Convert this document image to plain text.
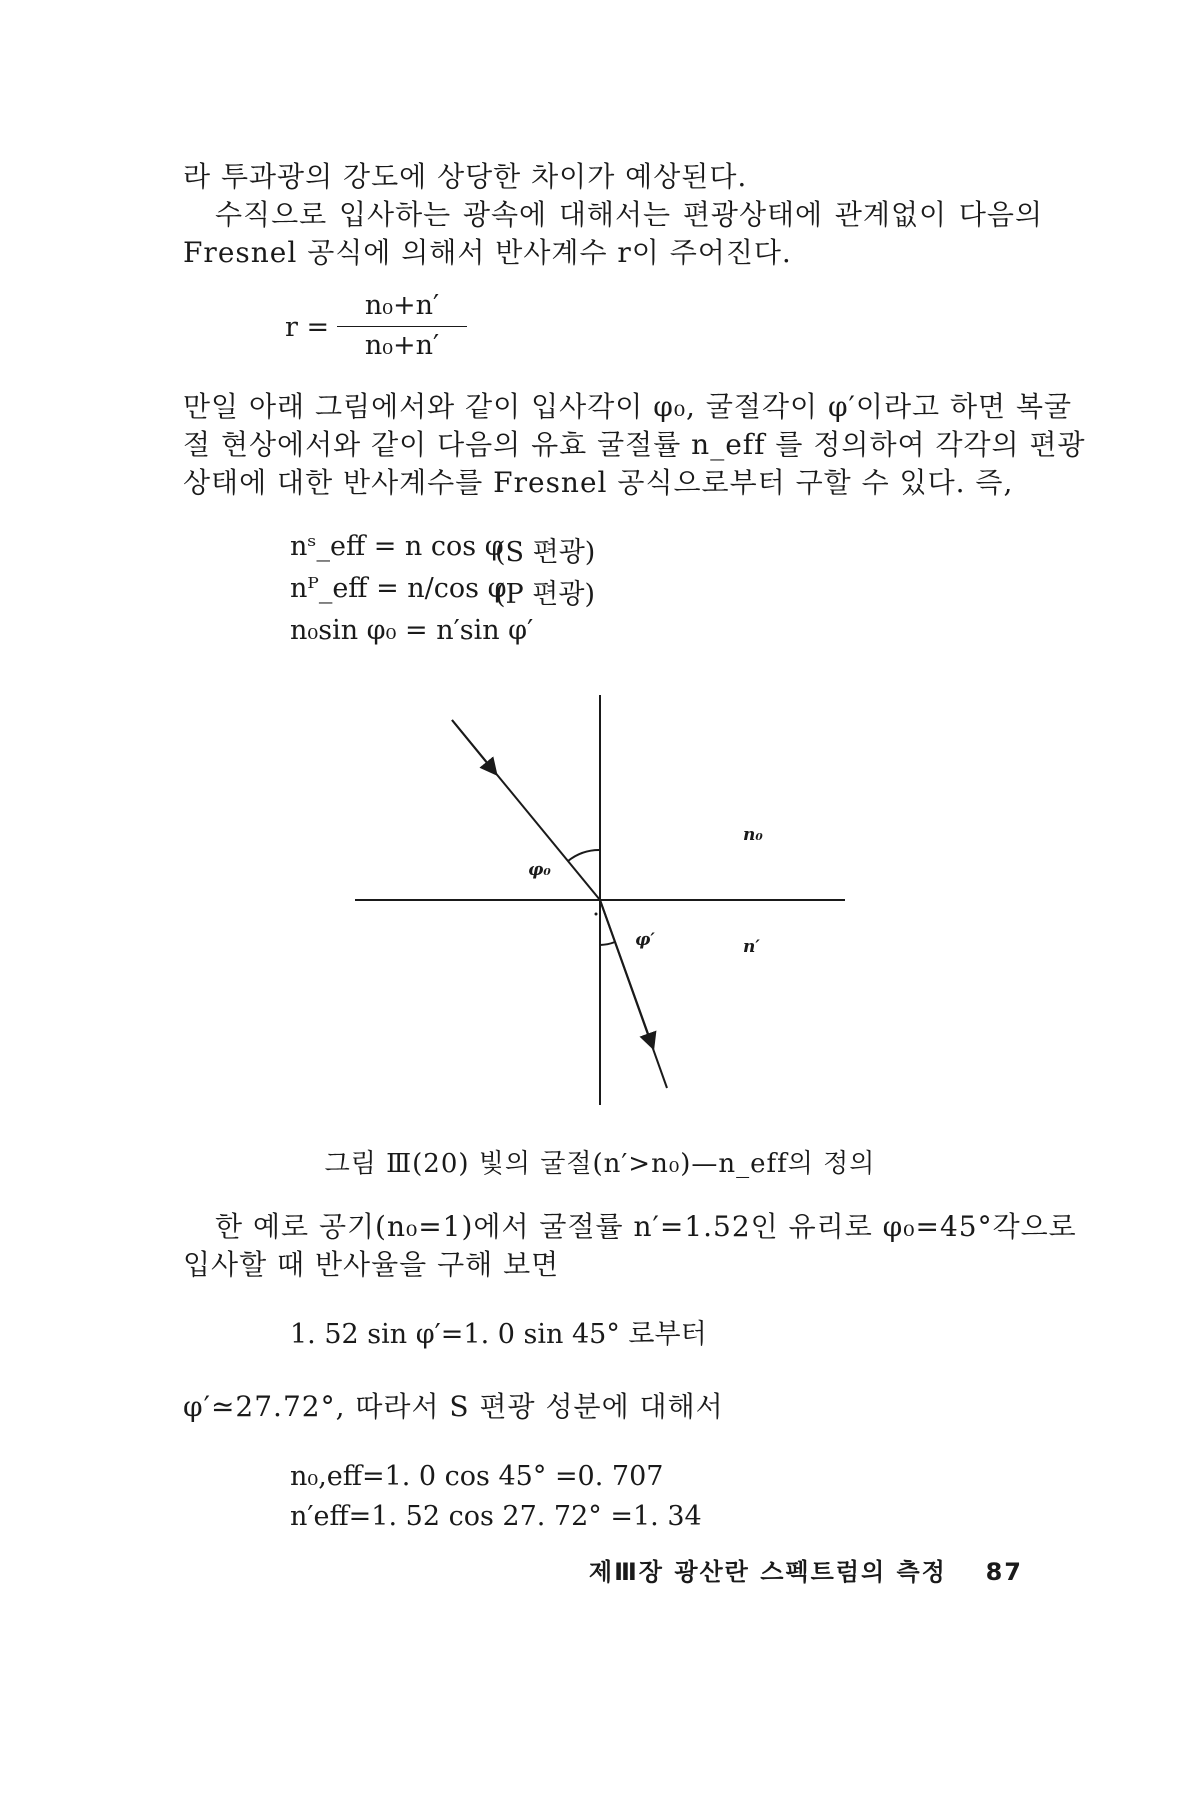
라 투과광의 강도에 상당한 차이가 예상된다.
수직으로 입사하는 광속에 대해서는 편광상태에 관계없이 다음의
Fresnel 공식에 의해서 반사계수 r이 주어진다.
r =
n₀+n′
n₀+n′
만일 아래 그림에서와 같이 입사각이 φ₀, 굴절각이 φ′이라고 하면 복굴
절 현상에서와 같이 다음의 유효 굴절률 n_eff 를 정의하여 각각의 편광
상태에 대한 반사계수를 Fresnel 공식으로부터 구할 수 있다. 즉,
nˢ_eff = n cos φ
(S 편광)
nᴾ_eff = n/cos φ
(P 편광)
n₀sin φ₀ = n′sin φ′
φ₀
φ′
n₀
n′
그림 Ⅲ(20) 빛의 굴절(n′>n₀)—n_eff의 정의
한 예로 공기(n₀=1)에서 굴절률 n′=1.52인 유리로 φ₀=45°각으로
입사할 때 반사율을 구해 보면
1. 52 sin φ′=1. 0 sin 45° 로부터
φ′≃27.72°, 따라서 S 편광 성분에 대해서
n₀,eff=1. 0 cos 45° =0. 707
n′eff=1. 52 cos 27. 72° =1. 34
제Ⅲ장 광산란 스펙트럼의 측정 87
